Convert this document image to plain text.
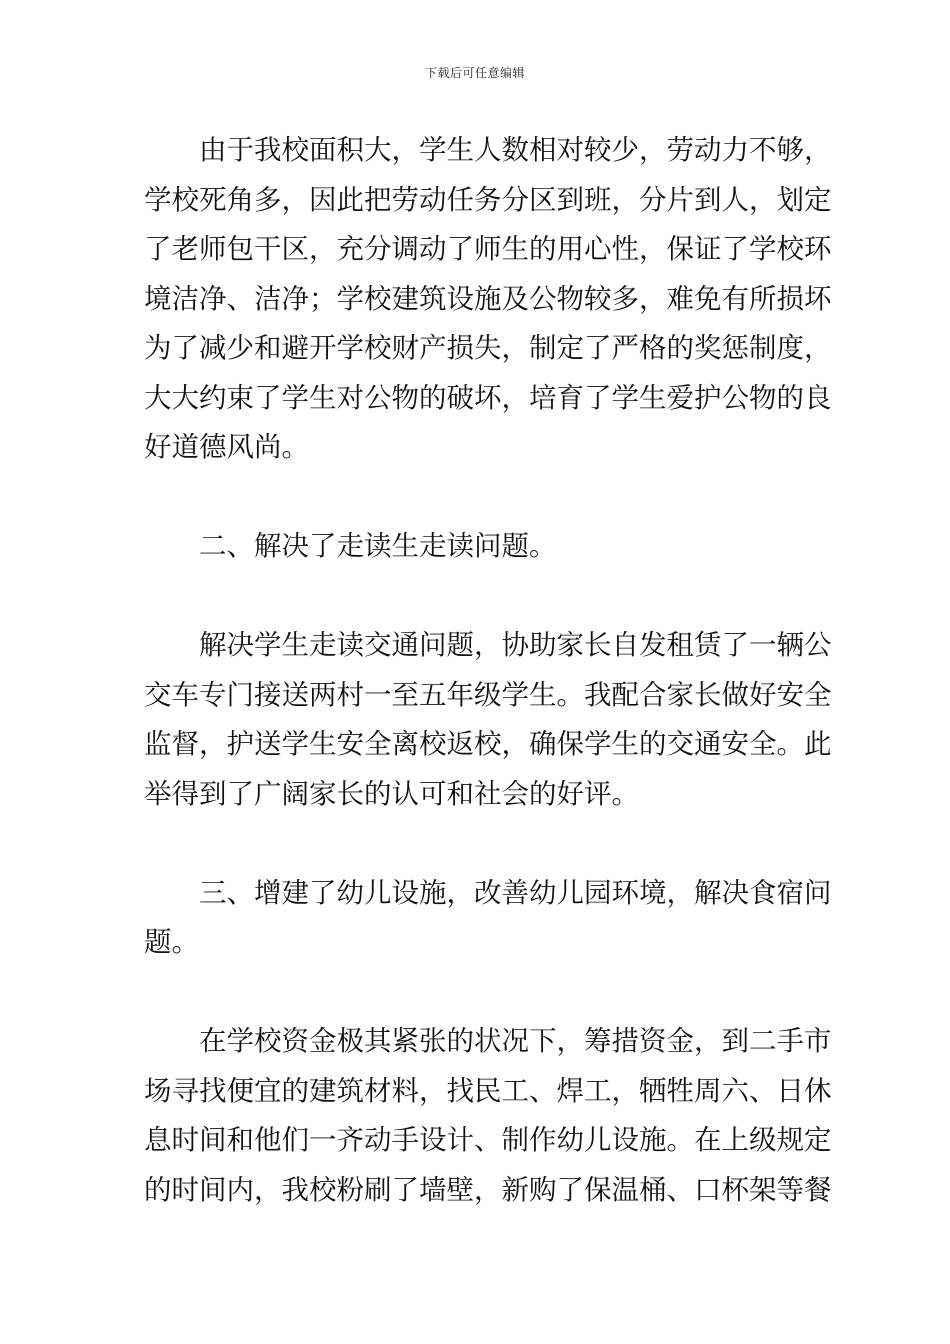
下载后可任意编辑
由于我校面积大，学生人数相对较少，劳动力不够，
学校死角多，因此把劳动任务分区到班，分片到人，划定
了老师包干区，充分调动了师生的用心性，保证了学校环
境洁净、洁净；学校建筑设施及公物较多，难免有所损坏
为了减少和避开学校财产损失，制定了严格的奖惩制度，
大大约束了学生对公物的破坏，培育了学生爱护公物的良
好道德风尚。
二、解决了走读生走读问题。
解决学生走读交通问题，协助家长自发租赁了一辆公
交车专门接送两村一至五年级学生。我配合家长做好安全
监督，护送学生安全离校返校，确保学生的交通安全。此
举得到了广阔家长的认可和社会的好评。
三、增建了幼儿设施，改善幼儿园环境，解决食宿问
题。
在学校资金极其紧张的状况下，筹措资金，到二手市
场寻找便宜的建筑材料，找民工、焊工，牺牲周六、日休
息时间和他们一齐动手设计、制作幼儿设施。在上级规定
的时间内，我校粉刷了墙壁，新购了保温桶、口杯架等餐
